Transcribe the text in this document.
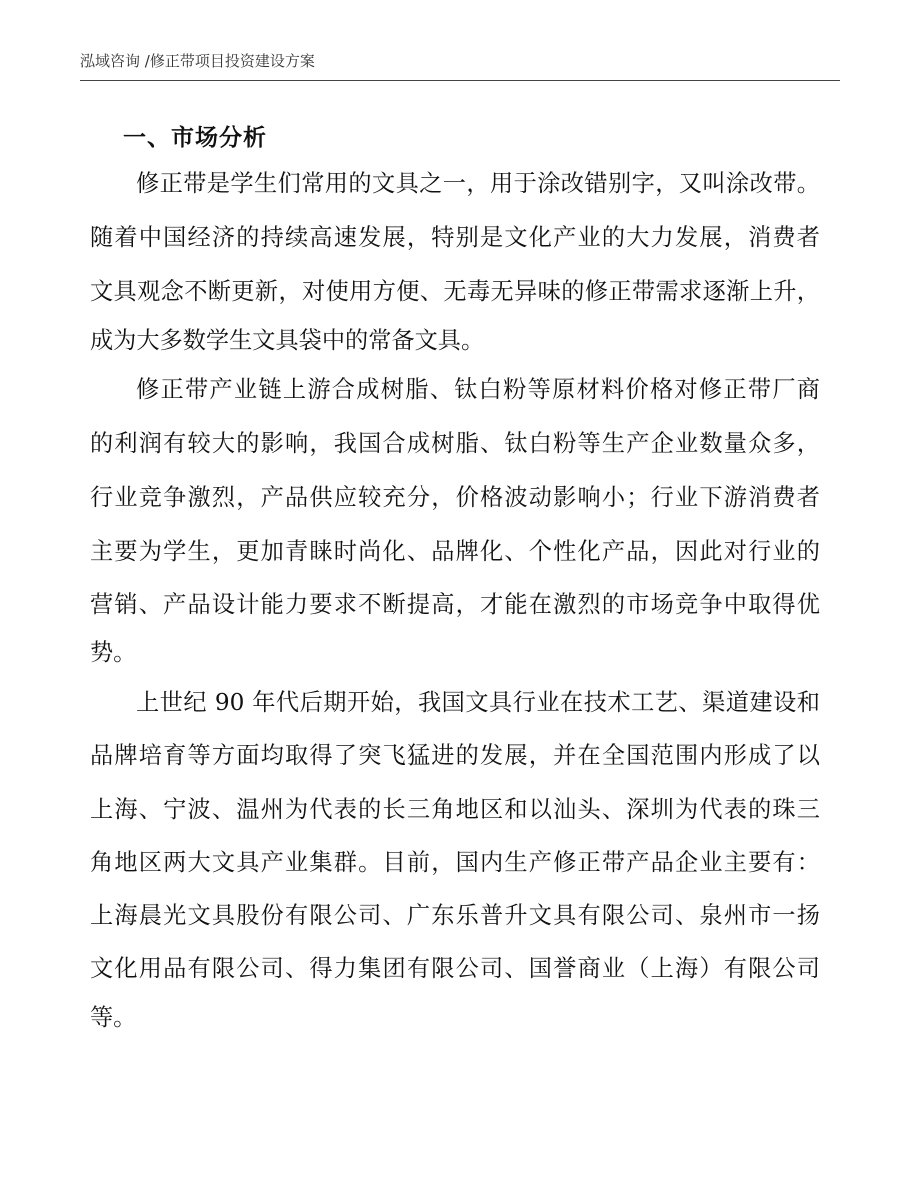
泓域咨询 /修正带项目投资建设方案
一、市场分析
修正带是学生们常用的文具之一，用于涂改错别字，又叫涂改带。
随着中国经济的持续高速发展，特别是文化产业的大力发展，消费者
文具观念不断更新，对使用方便、无毒无异味的修正带需求逐渐上升，
成为大多数学生文具袋中的常备文具。
修正带产业链上游合成树脂、钛白粉等原材料价格对修正带厂商
的利润有较大的影响，我国合成树脂、钛白粉等生产企业数量众多，
行业竞争激烈，产品供应较充分，价格波动影响小；行业下游消费者
主要为学生，更加青睐时尚化、品牌化、个性化产品，因此对行业的
营销、产品设计能力要求不断提高，才能在激烈的市场竞争中取得优
势。
上世纪 90 年代后期开始，我国文具行业在技术工艺、渠道建设和
品牌培育等方面均取得了突飞猛进的发展，并在全国范围内形成了以
上海、宁波、温州为代表的长三角地区和以汕头、深圳为代表的珠三
角地区两大文具产业集群。目前，国内生产修正带产品企业主要有：
上海晨光文具股份有限公司、广东乐普升文具有限公司、泉州市一扬
文化用品有限公司、得力集团有限公司、国誉商业（上海）有限公司
等。
